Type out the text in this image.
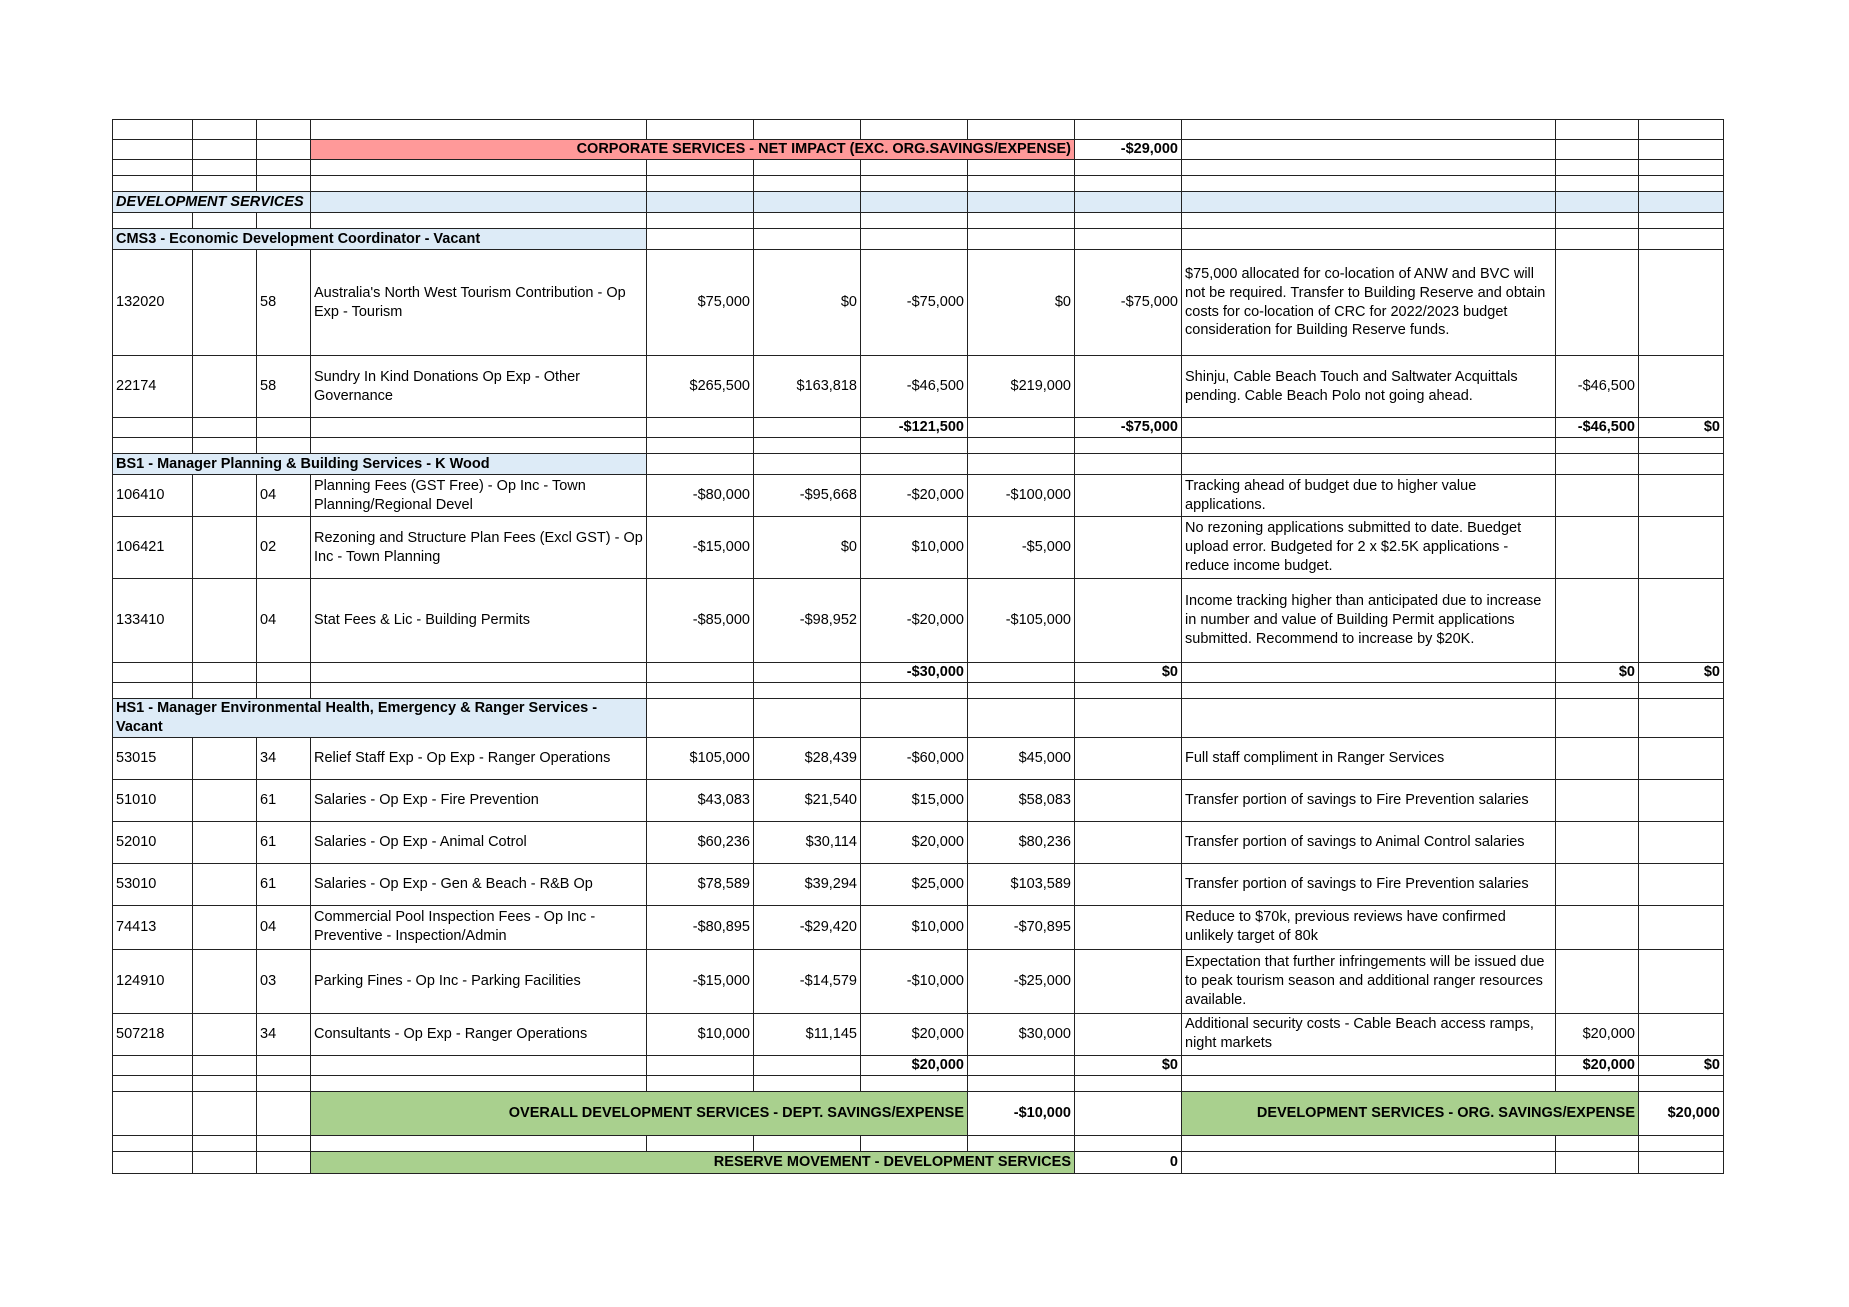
			CORPORATE SERVICES - NET IMPACT (EXC. ORG.SAVINGS/EXPENSE)					-$29,000				

DEVELOPMENT SERVICES												

CMS3 - Economic Development Coordinator - Vacant												
132020		58	Australia's North West Tourism Contribution - Op Exp - Tourism	$75,000	$0	-$75,000	$0	-$75,000	$75,000 allocated for co-location of ANW and BVC will not be required. Transfer to Building Reserve and obtain costs for co-location of CRC for 2022/2023 budget consideration for Building Reserve funds.			
22174		58	Sundry In Kind Donations Op Exp - Other Governance	$265,500	$163,818	-$46,500	$219,000		Shinju, Cable Beach Touch and Saltwater Acquittals pending. Cable Beach Polo not going ahead.	-$46,500		
						-$121,500		-$75,000		-$46,500	$0	

BS1 - Manager Planning & Building Services - K Wood												
106410		04	Planning Fees (GST Free) - Op Inc - Town Planning/Regional Devel	-$80,000	-$95,668	-$20,000	-$100,000		Tracking ahead of budget due to higher value applications.			
106421		02	Rezoning and Structure Plan Fees (Excl GST) - Op Inc - Town Planning	-$15,000	$0	$10,000	-$5,000		No rezoning applications submitted to date. Buedget upload error. Budgeted for 2 x $2.5K applications - reduce income budget.			
133410		04	Stat Fees & Lic - Building Permits	-$85,000	-$98,952	-$20,000	-$105,000		Income tracking higher than anticipated due to increase in number and value of Building Permit applications submitted. Recommend to increase by $20K.			
						-$30,000		$0		$0	$0	

HS1 - Manager Environmental Health, Emergency & Ranger Services - Vacant												
53015		34	Relief Staff Exp - Op Exp - Ranger Operations	$105,000	$28,439	-$60,000	$45,000		Full staff compliment in Ranger Services			
51010		61	Salaries - Op Exp - Fire Prevention	$43,083	$21,540	$15,000	$58,083		Transfer portion of savings to Fire Prevention salaries			
52010		61	Salaries - Op Exp - Animal Cotrol	$60,236	$30,114	$20,000	$80,236		Transfer portion of savings to Animal Control salaries			
53010		61	Salaries - Op Exp - Gen & Beach - R&B Op	$78,589	$39,294	$25,000	$103,589		Transfer portion of savings to Fire Prevention salaries			
74413		04	Commercial Pool Inspection Fees - Op Inc - Preventive - Inspection/Admin	-$80,895	-$29,420	$10,000	-$70,895		Reduce to $70k, previous reviews have confirmed unlikely target of 80k			
124910		03	Parking Fines - Op Inc - Parking Facilities	-$15,000	-$14,579	-$10,000	-$25,000		Expectation that further infringements will be issued due to peak tourism season and additional ranger resources available.			
507218		34	Consultants - Op Exp - Ranger Operations	$10,000	$11,145	$20,000	$30,000		Additional security costs - Cable Beach access ramps, night markets	$20,000		
						$20,000		$0		$20,000	$0	

			OVERALL DEVELOPMENT SERVICES - DEPT. SAVINGS/EXPENSE				-$10,000		DEVELOPMENT SERVICES - ORG. SAVINGS/EXPENSE		$20,000	

			RESERVE MOVEMENT - DEVELOPMENT SERVICES					0				
